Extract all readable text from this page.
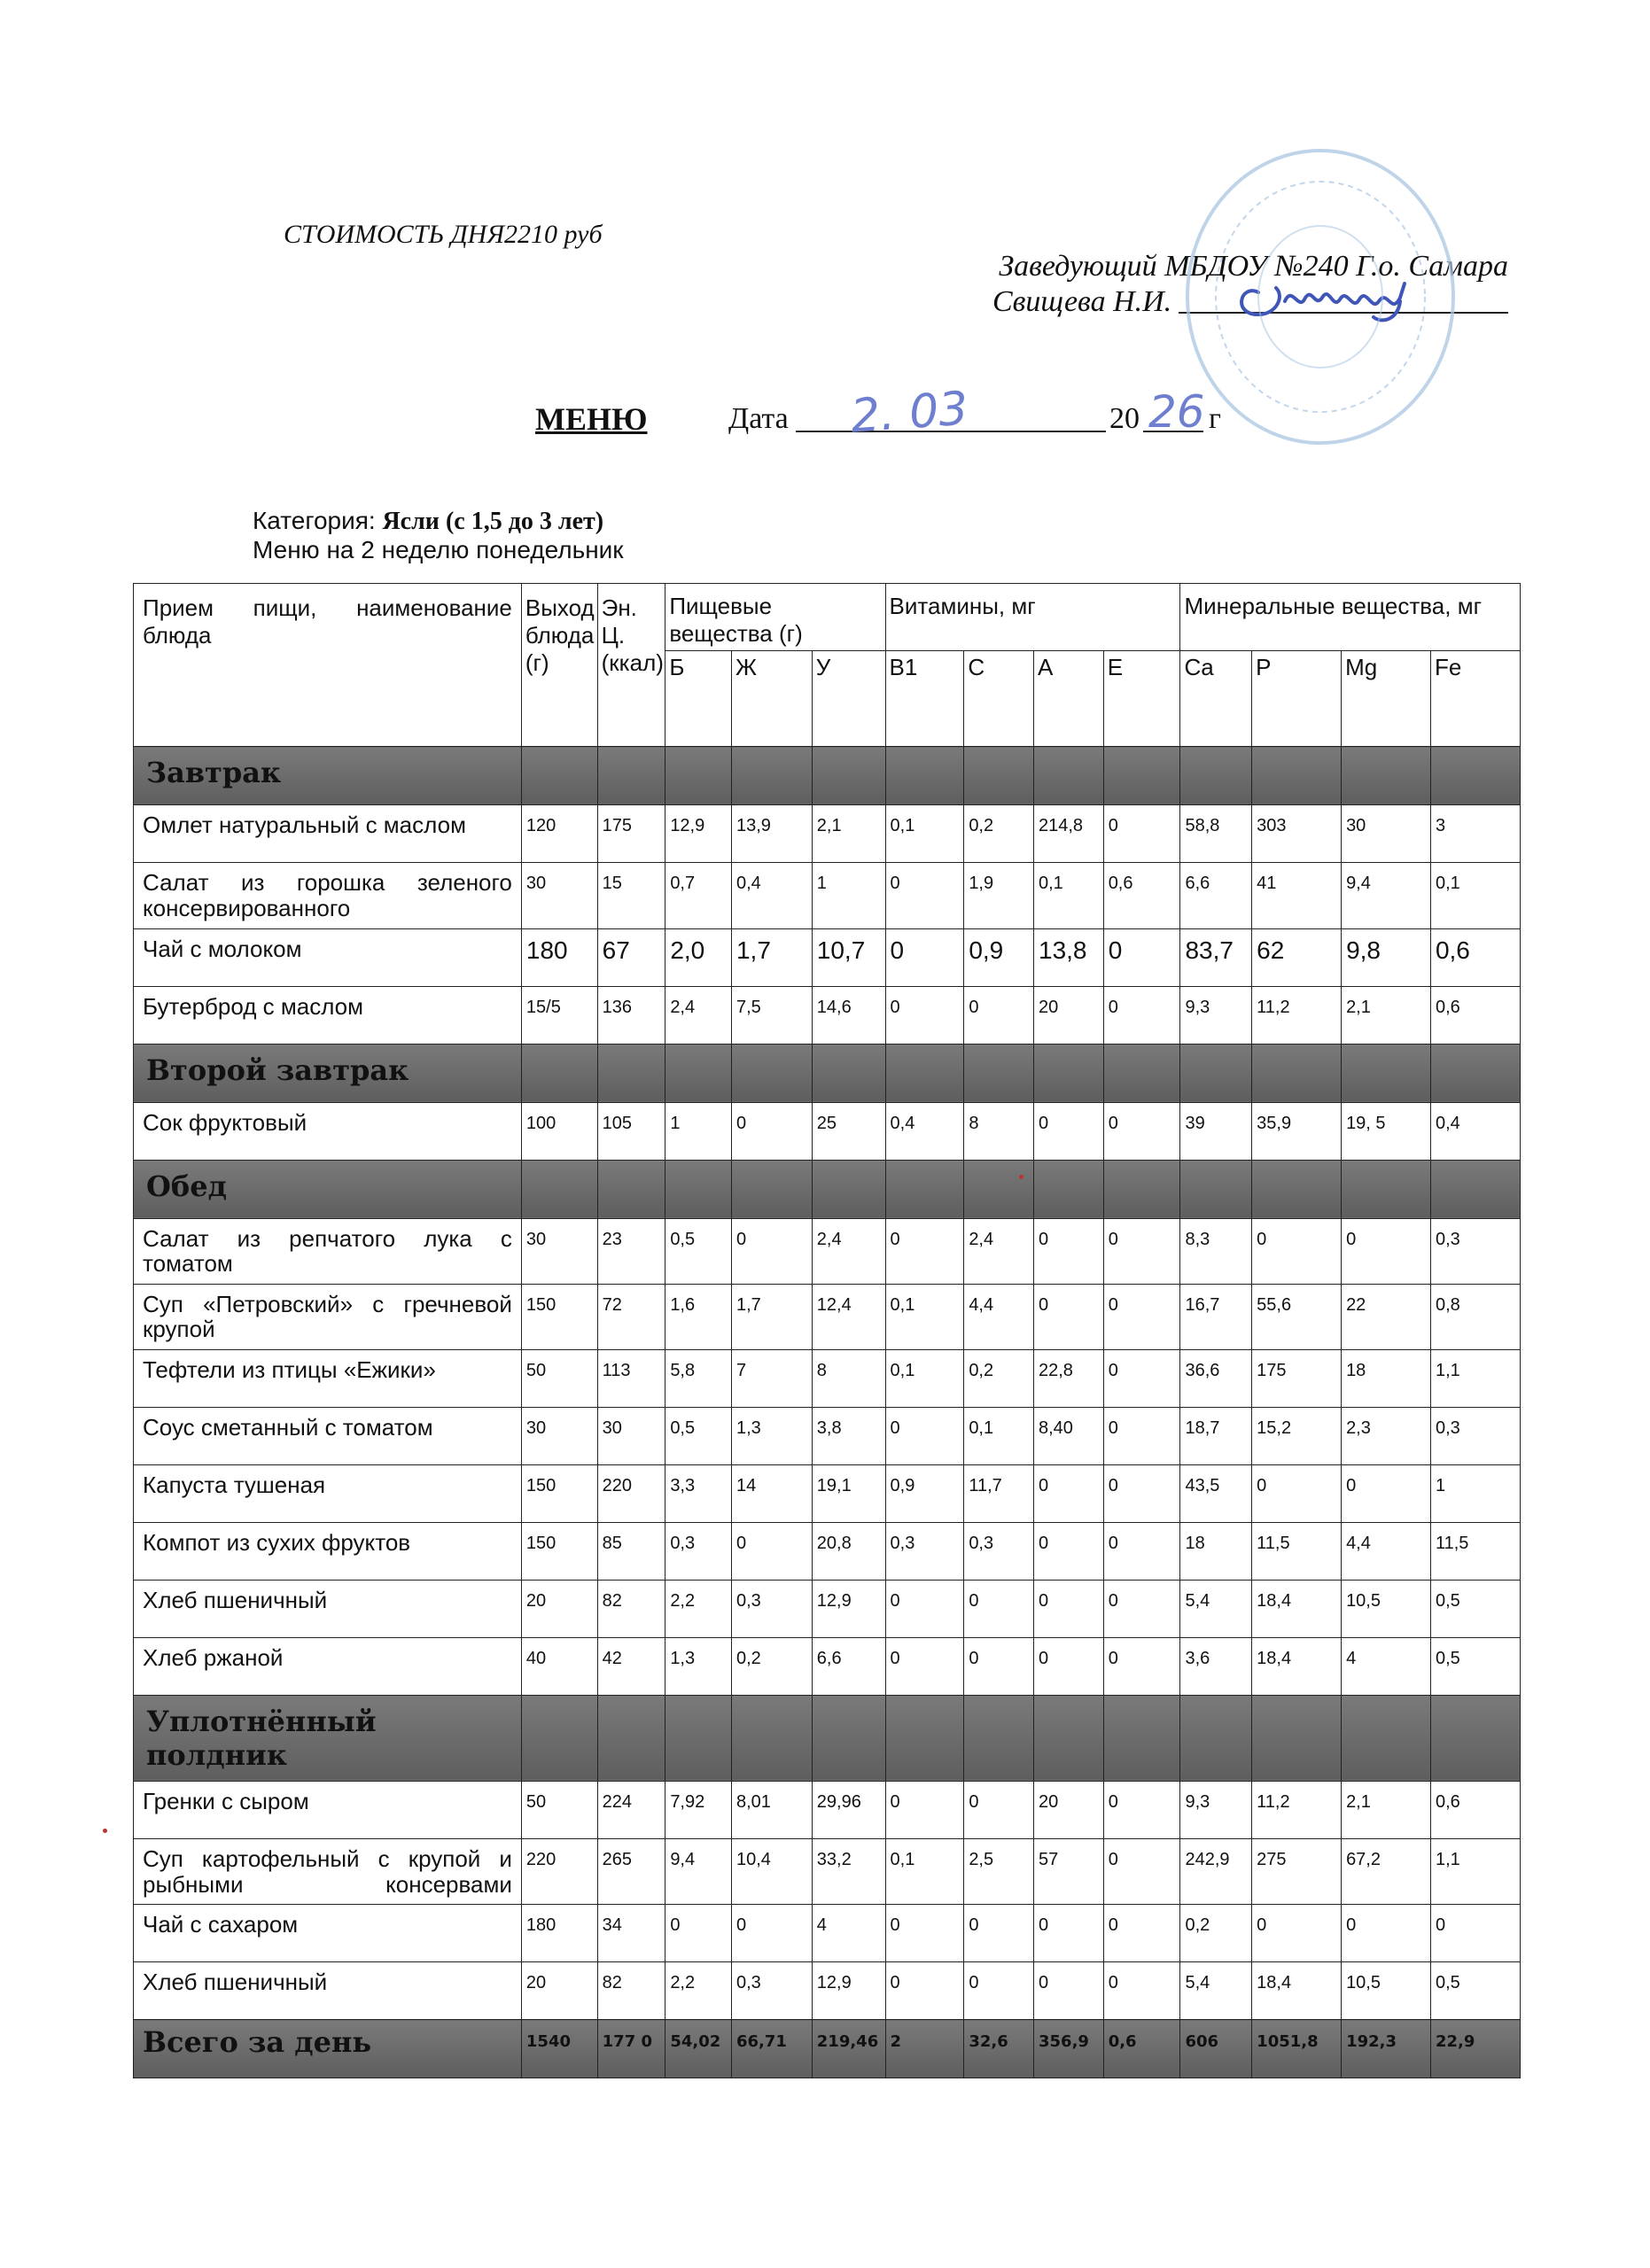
СТОИМОСТЬ ДНЯ2210 руб
Заведующий МБДОУ №240 Г.о. Самара
Свищева Н.И.
МЕНЮ	Дата 2. 03	20 26 г
Категория: Ясли (с 1,5 до 3 лет)
Меню на 2 неделю понедельник
Прием пищи, наименование блюда	Выход блюда (г)	Эн. Ц. (ккал)	Пищевые вещества (г)			Витамины, мг				Минеральные вещества, мг			
			Б	Ж	У	В1	С	А	Е	Ca	P	Mg	Fe
Завтрак													
Омлет натуральный с маслом	120	175	12,9	13,9	2,1	0,1	0,2	214,8	0	58,8	303	30	3
Салат из горошка зеленого консервированного	30	15	0,7	0,4	1	0	1,9	0,1	0,6	6,6	41	9,4	0,1
Чай с молоком	180	67	2,0	1,7	10,7	0	0,9	13,8	0	83,7	62	9,8	0,6
Бутерброд с маслом	15/5	136	2,4	7,5	14,6	0	0	20	0	9,3	11,2	2,1	0,6
Второй завтрак													
Сок фруктовый	100	105	1	0	25	0,4	8	0	0	39	35,9	19, 5	0,4
Обед													
Салат из репчатого лука с томатом	30	23	0,5	0	2,4	0	2,4	0	0	8,3	0	0	0,3
Суп «Петровский» с гречневой крупой	150	72	1,6	1,7	12,4	0,1	4,4	0	0	16,7	55,6	22	0,8
Тефтели из птицы «Ежики»	50	113	5,8	7	8	0,1	0,2	22,8	0	36,6	175	18	1,1
Соус сметанный с томатом	30	30	0,5	1,3	3,8	0	0,1	8,40	0	18,7	15,2	2,3	0,3
Капуста тушеная	150	220	3,3	14	19,1	0,9	11,7	0	0	43,5	0	0	1
Компот из сухих фруктов	150	85	0,3	0	20,8	0,3	0,3	0	0	18	11,5	4,4	11,5
Хлеб пшеничный	20	82	2,2	0,3	12,9	0	0	0	0	5,4	18,4	10,5	0,5
Хлеб ржаной	40	42	1,3	0,2	6,6	0	0	0	0	3,6	18,4	4	0,5
Уплотнённый полдник													
Гренки с сыром	50	224	7,92	8,01	29,96	0	0	20	0	9,3	11,2	2,1	0,6
Суп картофельный с крупой и рыбными консервами	220	265	9,4	10,4	33,2	0,1	2,5	57	0	242,9	275	67,2	1,1
Чай с сахаром	180	34	0	0	4	0	0	0	0	0,2	0	0	0
Хлеб пшеничный	20	82	2,2	0,3	12,9	0	0	0	0	5,4	18,4	10,5	0,5
Всего за день	1540	177 0	54,02	66,71	219,46	2	32,6	356,9	0,6	606	1051,8	192,3	22,9
